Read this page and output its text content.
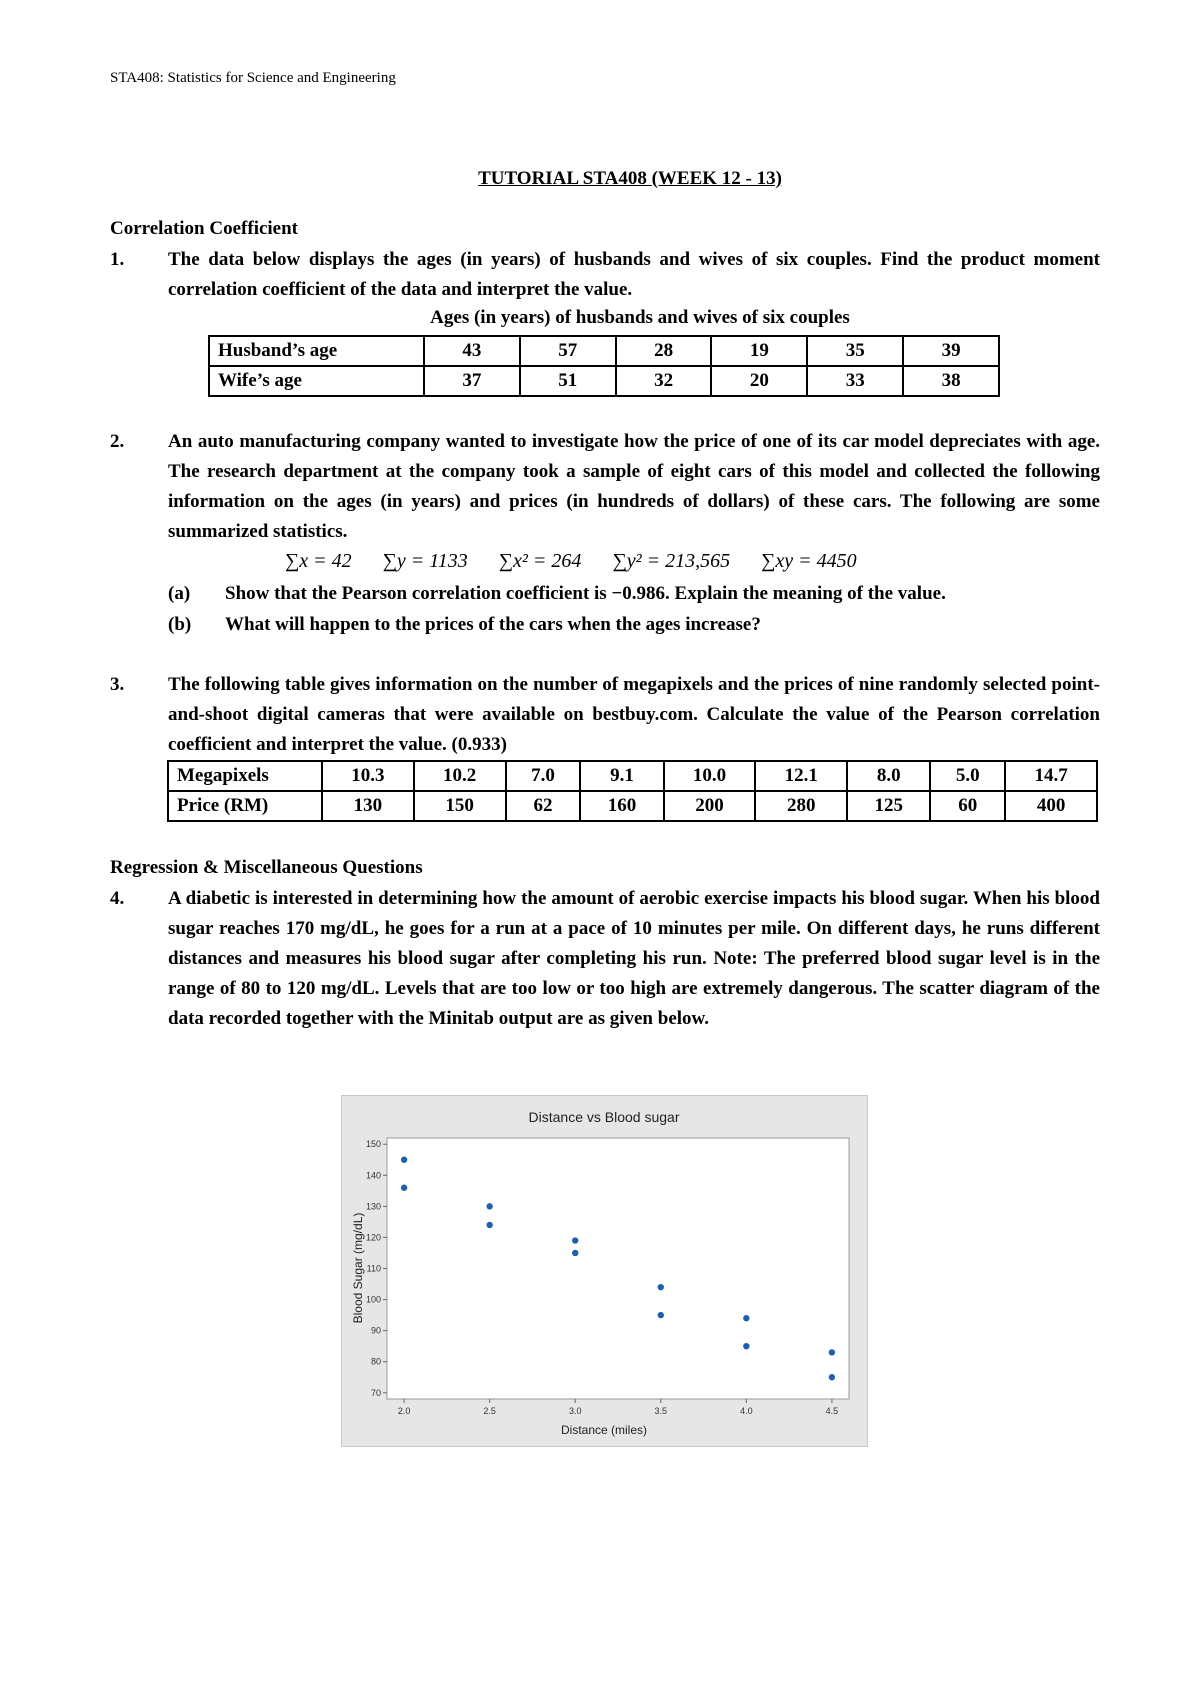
STA408: Statistics for Science and Engineering
TUTORIAL STA408 (WEEK 12 - 13)
Correlation Coefficient
1. The data below displays the ages (in years) of husbands and wives of six couples. Find the product moment correlation coefficient of the data and interpret the value.
Ages (in years) of husbands and wives of six couples
Husband’s age	43	57	28	19	35	39
Wife’s age	37	51	32	20	33	38
2. An auto manufacturing company wanted to investigate how the price of one of its car model depreciates with age. The research department at the company took a sample of eight cars of this model and collected the following information on the ages (in years) and prices (in hundreds of dollars) of these cars. The following are some summarized statistics.
∑x = 42 ∑y = 1133 ∑x² = 264 ∑y² = 213,565 ∑xy = 4450
(a) Show that the Pearson correlation coefficient is −0.986. Explain the meaning of the value.
(b) What will happen to the prices of the cars when the ages increase?
3. The following table gives information on the number of megapixels and the prices of nine randomly selected point-and-shoot digital cameras that were available on bestbuy.com. Calculate the value of the Pearson correlation coefficient and interpret the value. (0.933)
Megapixels	10.3	10.2	7.0	9.1	10.0	12.1	8.0	5.0	14.7
Price (RM)	130	150	62	160	200	280	125	60	400
Regression & Miscellaneous Questions
4. A diabetic is interested in determining how the amount of aerobic exercise impacts his blood sugar. When his blood sugar reaches 170 mg/dL, he goes for a run at a pace of 10 minutes per mile. On different days, he runs different distances and measures his blood sugar after completing his run. Note: The preferred blood sugar level is in the range of 80 to 120 mg/dL. Levels that are too low or too high are extremely dangerous. The scatter diagram of the data recorded together with the Minitab output are as given below.
Distance vs Blood sugar
Distance (miles)
Blood Sugar (mg/dL)
2.0	2.5	3.0	3.5	4.0	4.5
70
80
90
100
110
120
130
140
150
